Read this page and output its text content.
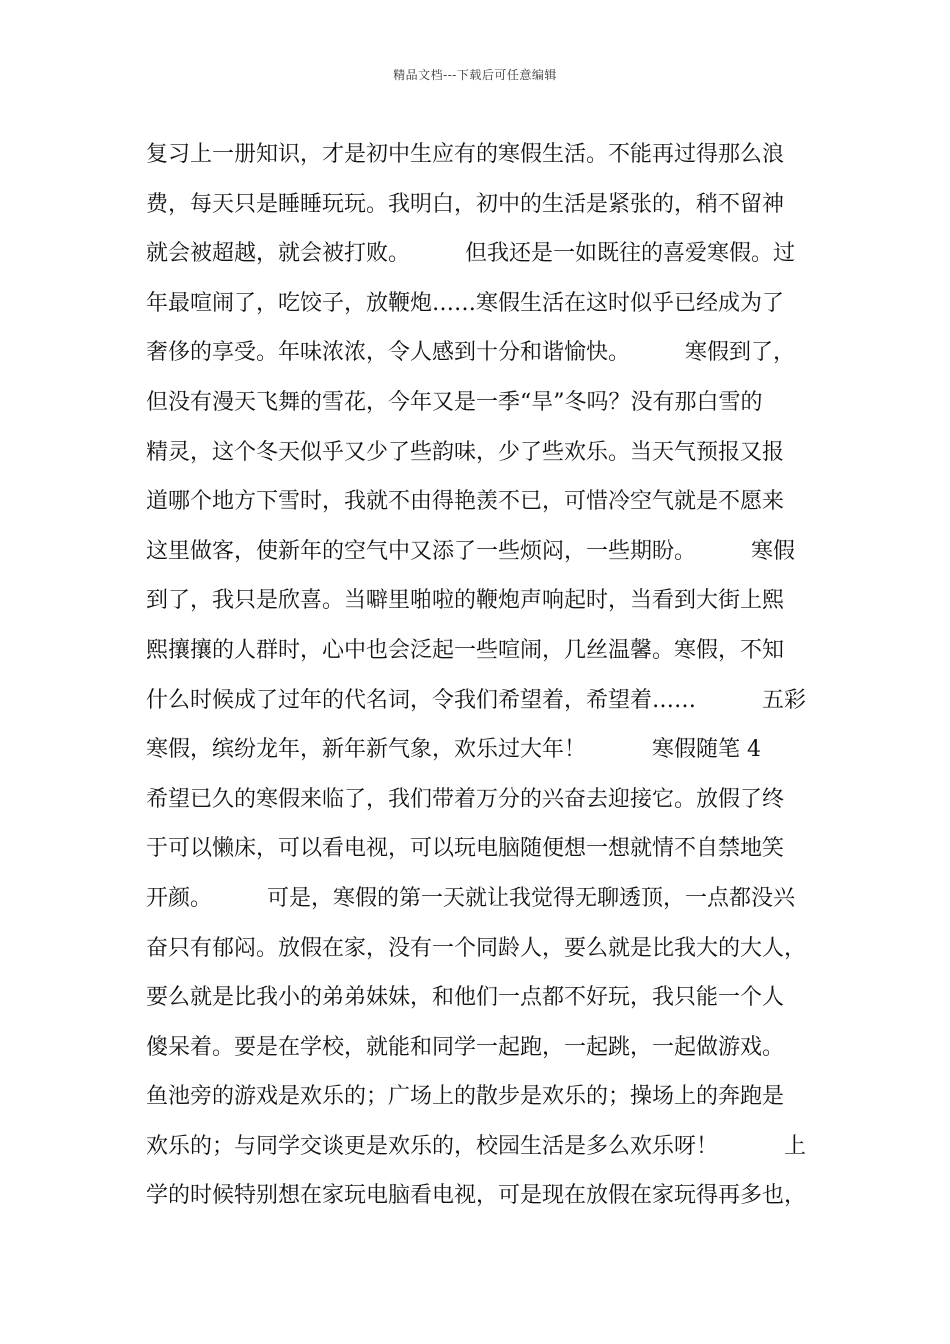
精品文档---下载后可任意编辑
复习上一册知识，才是初中生应有的寒假生活。不能再过得那么浪
费，每天只是睡睡玩玩。我明白，初中的生活是紧张的，稍不留神
就会被超越，就会被打败。　　　但我还是一如既往的喜爱寒假。过
年最喧闹了，吃饺子，放鞭炮……寒假生活在这时似乎已经成为了
奢侈的享受。年味浓浓，令人感到十分和谐愉快。　　　寒假到了，
但没有漫天飞舞的雪花，今年又是一季“旱”冬吗？没有那白雪的
精灵，这个冬天似乎又少了些韵味，少了些欢乐。当天气预报又报
道哪个地方下雪时，我就不由得艳羡不已，可惜冷空气就是不愿来
这里做客，使新年的空气中又添了一些烦闷，一些期盼。　　　寒假
到了，我只是欣喜。当噼里啪啦的鞭炮声响起时，当看到大街上熙
熙攘攘的人群时，心中也会泛起一些喧闹，几丝温馨。寒假，不知
什么时候成了过年的代名词，令我们希望着，希望着……　　　五彩
寒假，缤纷龙年，新年新气象，欢乐过大年！　　　寒假随笔 4
希望已久的寒假来临了，我们带着万分的兴奋去迎接它。放假了终
于可以懒床，可以看电视，可以玩电脑随便想一想就情不自禁地笑
开颜。　　　可是，寒假的第一天就让我觉得无聊透顶，一点都没兴
奋只有郁闷。放假在家，没有一个同龄人，要么就是比我大的大人，
要么就是比我小的弟弟妹妹，和他们一点都不好玩，我只能一个人
傻呆着。要是在学校，就能和同学一起跑，一起跳，一起做游戏。
鱼池旁的游戏是欢乐的；广场上的散步是欢乐的；操场上的奔跑是
欢乐的；与同学交谈更是欢乐的，校园生活是多么欢乐呀！　　　上
学的时候特别想在家玩电脑看电视，可是现在放假在家玩得再多也，
